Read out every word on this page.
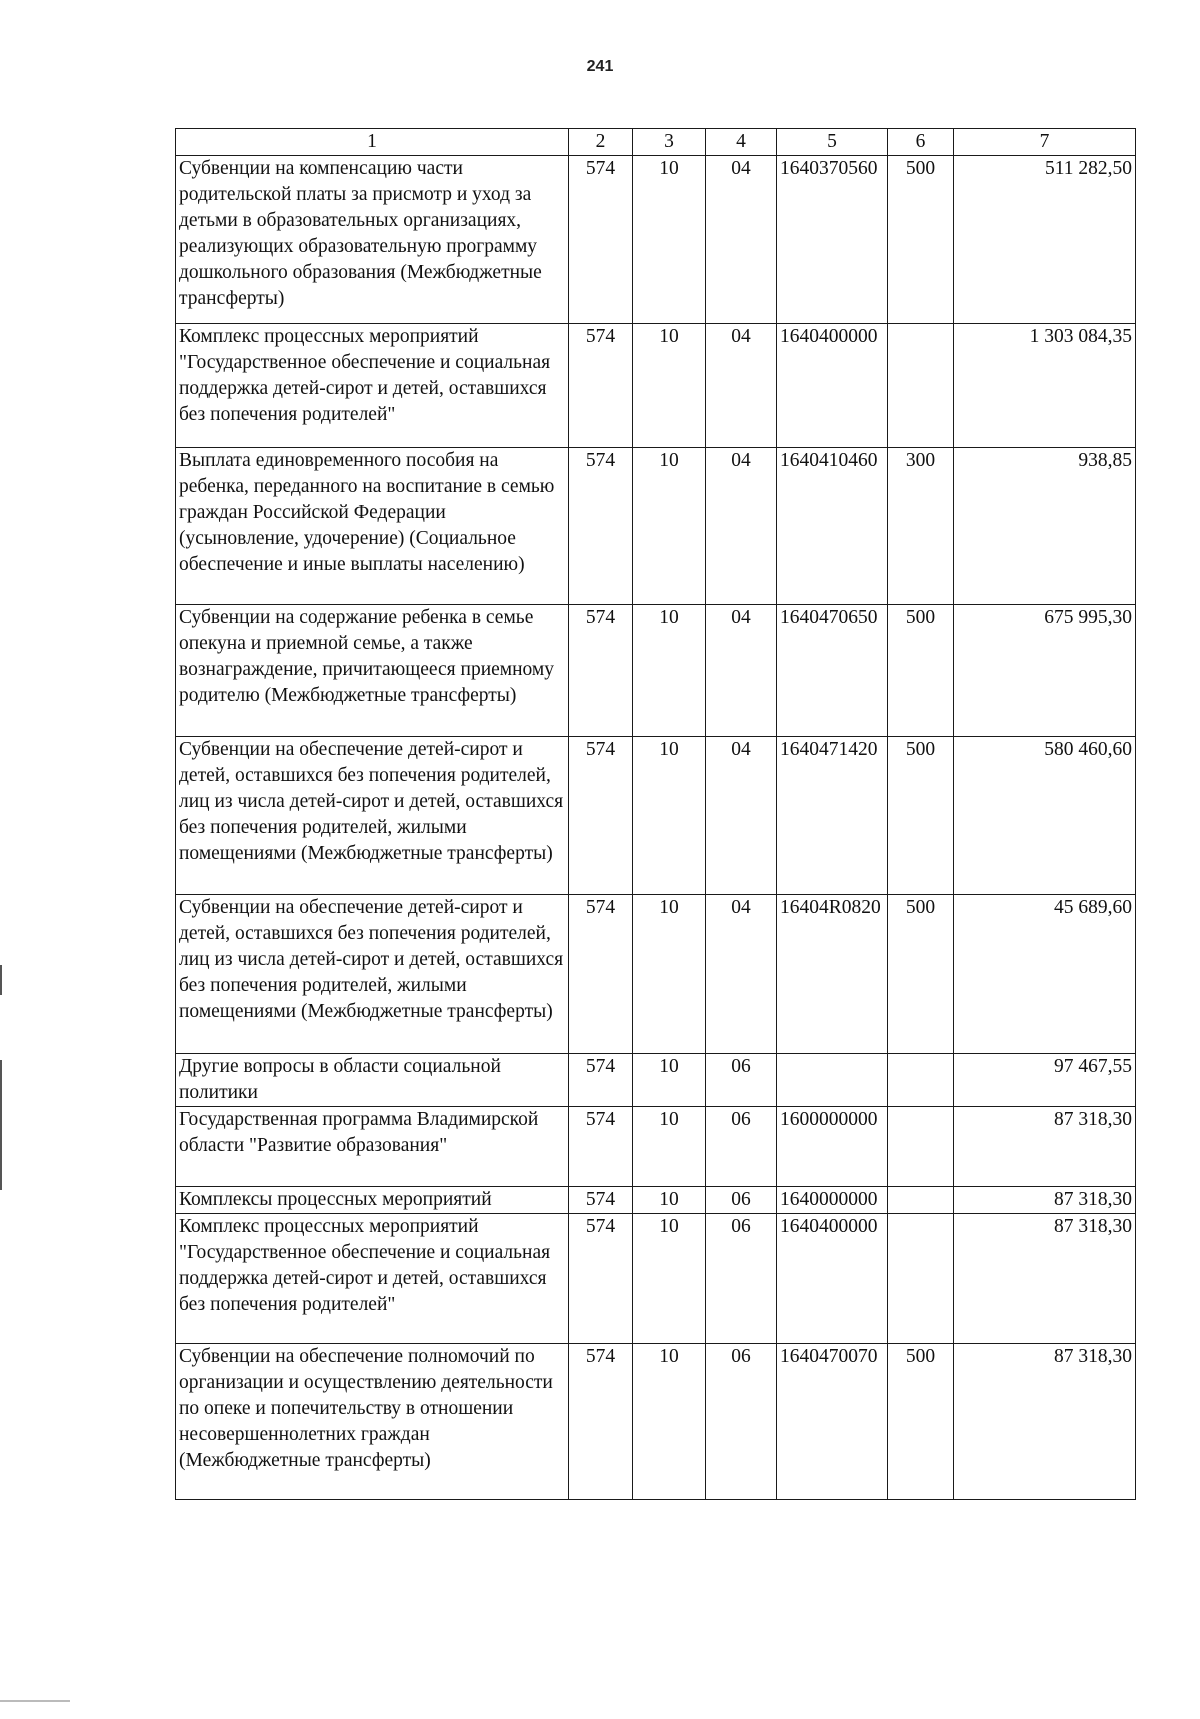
241
1	2	3	4	5	6	7
Субвенции на компенсацию части родительской платы за присмотр и уход за детьми в образовательных организациях, реализующих образовательную программу дошкольного образования (Межбюджетные трансферты)	574	10	04	1640370560	500	511 282,50
Комплекс процессных мероприятий "Государственное обеспечение и социальная поддержка детей-сирот и детей, оставшихся без попечения родителей"	574	10	04	1640400000		1 303 084,35
Выплата единовременного пособия на ребенка, переданного на воспитание в семью граждан Российской Федерации (усыновление, удочерение) (Социальное обеспечение и иные выплаты населению)	574	10	04	1640410460	300	938,85
Субвенции на содержание ребенка в семье опекуна и приемной семье, а также вознаграждение, причитающееся приемному родителю (Межбюджетные трансферты)	574	10	04	1640470650	500	675 995,30
Субвенции на обеспечение детей-сирот и детей, оставшихся без попечения родителей, лиц из числа детей-сирот и детей, оставшихся без попечения родителей, жилыми помещениями (Межбюджетные трансферты)	574	10	04	1640471420	500	580 460,60
Субвенции на обеспечение детей-сирот и детей, оставшихся без попечения родителей, лиц из числа детей-сирот и детей, оставшихся без попечения родителей, жилыми помещениями (Межбюджетные трансферты)	574	10	04	16404R0820	500	45 689,60
Другие вопросы в области социальной политики	574	10	06			97 467,55
Государственная программа Владимирской области "Развитие образования"	574	10	06	1600000000		87 318,30
Комплексы процессных мероприятий	574	10	06	1640000000		87 318,30
Комплекс процессных мероприятий "Государственное обеспечение и социальная поддержка детей-сирот и детей, оставшихся без попечения родителей"	574	10	06	1640400000		87 318,30
Субвенции на обеспечение полномочий по организации и осуществлению деятельности по опеке и попечительству в отношении несовершеннолетних граждан (Межбюджетные трансферты)	574	10	06	1640470070	500	87 318,30
